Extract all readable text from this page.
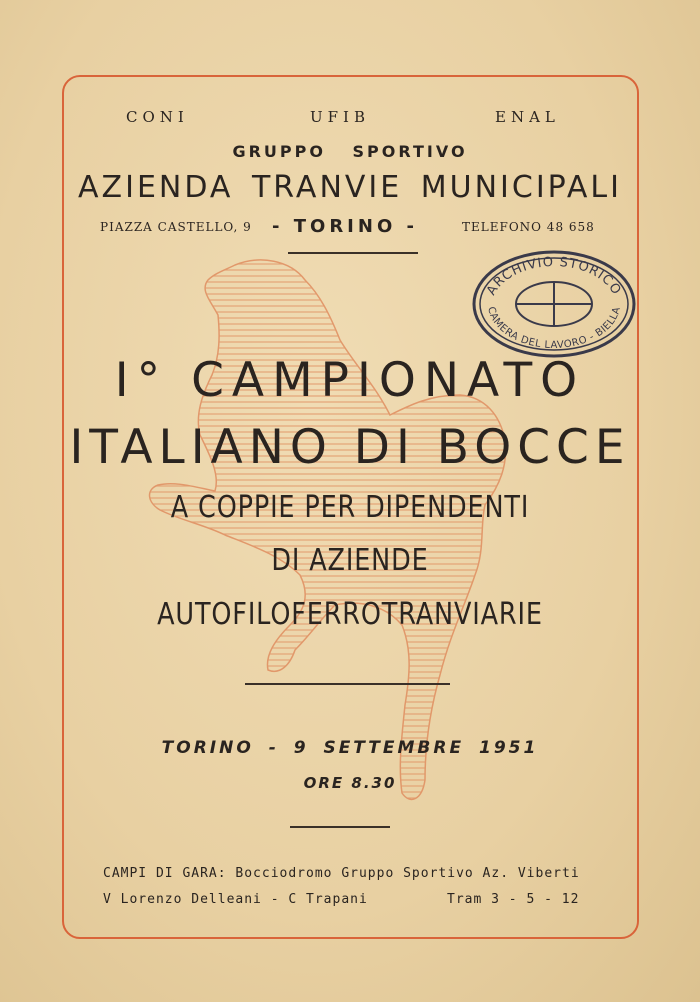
CONI	UFIB	ENAL
GRUPPO SPORTIVO
AZIENDA TRANVIE MUNICIPALI
PIAZZA CASTELLO, 9 - TORINO -	TELEFONO 48 658
ARCHIVIO STORICO
CAMERA DEL LAVORO - BIELLA
I° CAMPIONATO
ITALIANO DI BOCCE
A COPPIE PER DIPENDENTI
DI AZIENDE
AUTOFILOFERROTRANVIARIE
TORINO - 9 SETTEMBRE 1951
ORE 8.30
CAMPI DI GARA: Bocciodromo Gruppo Sportivo Az. Viberti
V Lorenzo Delleani - C Trapani	Tram 3 - 5 - 12
